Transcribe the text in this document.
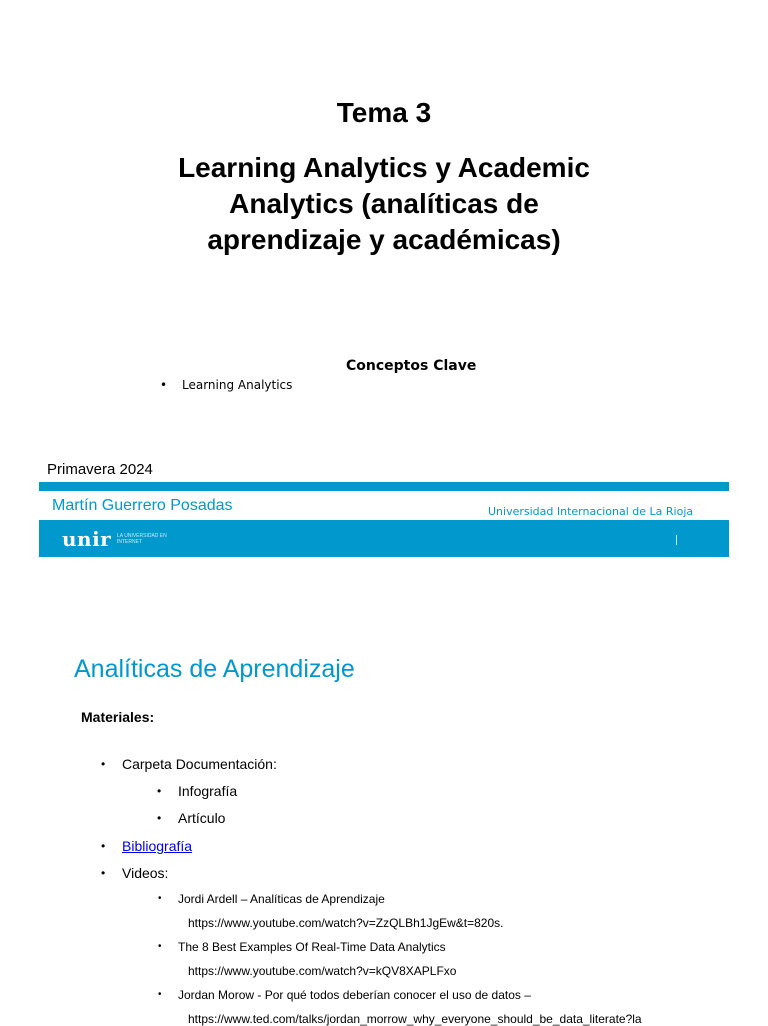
Tema 3
Learning Analytics y Academic
Analytics (analíticas de
aprendizaje y académicas)
Conceptos Clave
• Learning Analytics
Primavera 2024
Martín Guerrero Posadas	Universidad Internacional de La Rioja
unir LA UNIVERSIDAD EN INTERNET
Analíticas de Aprendizaje
Materiales:
• Carpeta Documentación:
• Infografía
• Artículo
• Bibliografía
• Videos:
• Jordi Ardell – Analíticas de Aprendizaje
https://www.youtube.com/watch?v=ZzQLBh1JgEw&t=820s.
• The 8 Best Examples Of Real-Time Data Analytics
https://www.youtube.com/watch?v=kQV8XAPLFxo
• Jordan Morow - Por qué todos deberían conocer el uso de datos –
https://www.ted.com/talks/jordan_morrow_why_everyone_should_be_data_literate?la
